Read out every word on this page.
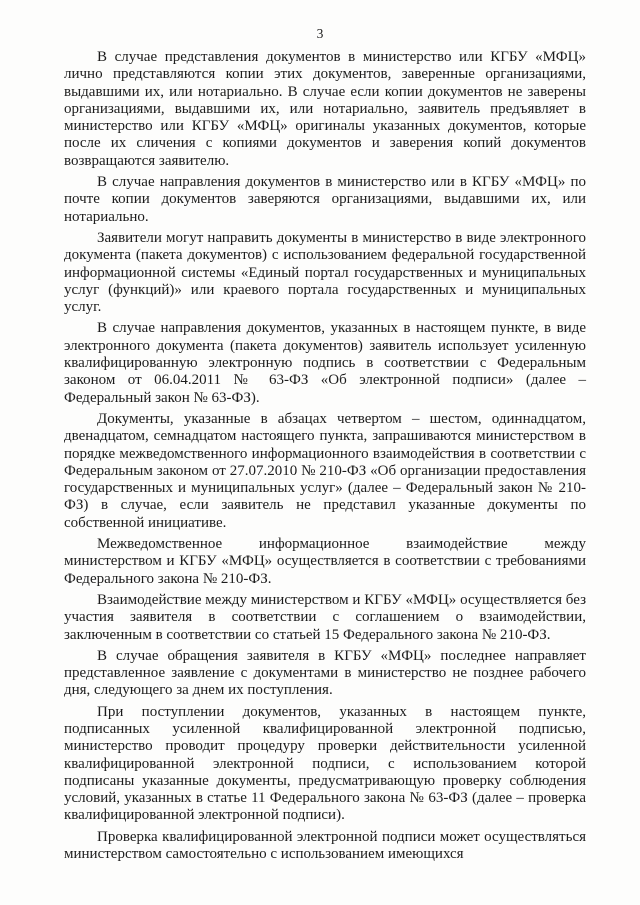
3

В случае представления документов в министерство или КГБУ «МФЦ» лично представляются копии этих документов, заверенные организациями, выдавшими их, или нотариально. В случае если копии документов не заверены организациями, выдавшими их, или нотариально, заявитель предъявляет в министерство или КГБУ «МФЦ» оригиналы указанных документов, которые после их сличения с копиями документов и заверения копий документов возвращаются заявителю.

В случае направления документов в министерство или в КГБУ «МФЦ» по почте копии документов заверяются организациями, выдавшими их, или нотариально.

Заявители могут направить документы в министерство в виде электронного документа (пакета документов) с использованием федеральной государственной информационной системы «Единый портал государственных и муниципальных услуг (функций)» или краевого портала государственных и муниципальных услуг.

В случае направления документов, указанных в настоящем пункте, в виде электронного документа (пакета документов) заявитель использует усиленную квалифицированную электронную подпись в соответствии с Федеральным законом от 06.04.2011 № 63-ФЗ «Об электронной подписи» (далее – Федеральный закон № 63-ФЗ).

Документы, указанные в абзацах четвертом – шестом, одиннадцатом, двенадцатом, семнадцатом настоящего пункта, запрашиваются министерством в порядке межведомственного информационного взаимодействия в соответствии с Федеральным законом от 27.07.2010 № 210-ФЗ «Об организации предоставления государственных и муниципальных услуг» (далее – Федеральный закон № 210-ФЗ) в случае, если заявитель не представил указанные документы по собственной инициативе.

Межведомственное информационное взаимодействие между министерством и КГБУ «МФЦ» осуществляется в соответствии с требованиями Федерального закона № 210-ФЗ.

Взаимодействие между министерством и КГБУ «МФЦ» осуществляется без участия заявителя в соответствии с соглашением о взаимодействии, заключенным в соответствии со статьей 15 Федерального закона № 210-ФЗ.

В случае обращения заявителя в КГБУ «МФЦ» последнее направляет представленное заявление с документами в министерство не позднее рабочего дня, следующего за днем их поступления.

При поступлении документов, указанных в настоящем пункте, подписанных усиленной квалифицированной электронной подписью, министерство проводит процедуру проверки действительности усиленной квалифицированной электронной подписи, с использованием которой подписаны указанные документы, предусматривающую проверку соблюдения условий, указанных в статье 11 Федерального закона № 63-ФЗ (далее – проверка квалифицированной электронной подписи).

Проверка квалифицированной электронной подписи может осуществляться министерством самостоятельно с использованием имеющихся
